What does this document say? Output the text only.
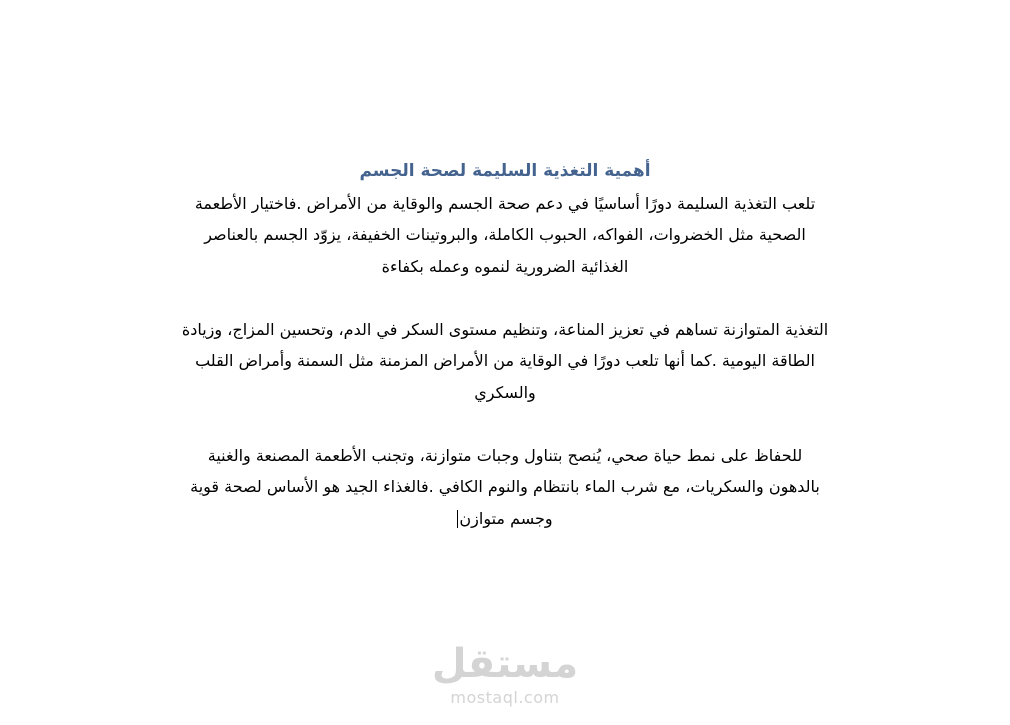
أهمية التغذية السليمة لصحة الجسم
تلعب التغذية السليمة دورًا أساسيًا في دعم صحة الجسم والوقاية من الأمراض .فاختيار الأطعمة
الصحية مثل الخضروات، الفواكه، الحبوب الكاملة، والبروتينات الخفيفة، يزوّد الجسم بالعناصر
الغذائية الضرورية لنموه وعمله بكفاءة
التغذية المتوازنة تساهم في تعزيز المناعة، وتنظيم مستوى السكر في الدم، وتحسين المزاج، وزيادة
الطاقة اليومية .كما أنها تلعب دورًا في الوقاية من الأمراض المزمنة مثل السمنة وأمراض القلب
والسكري
للحفاظ على نمط حياة صحي، يُنصح بتناول وجبات متوازنة، وتجنب الأطعمة المصنعة والغنية
بالدهون والسكريات، مع شرب الماء بانتظام والنوم الكافي .فالغذاء الجيد هو الأساس لصحة قوية
وجسم متوازن
مستقل
mostaql.com
